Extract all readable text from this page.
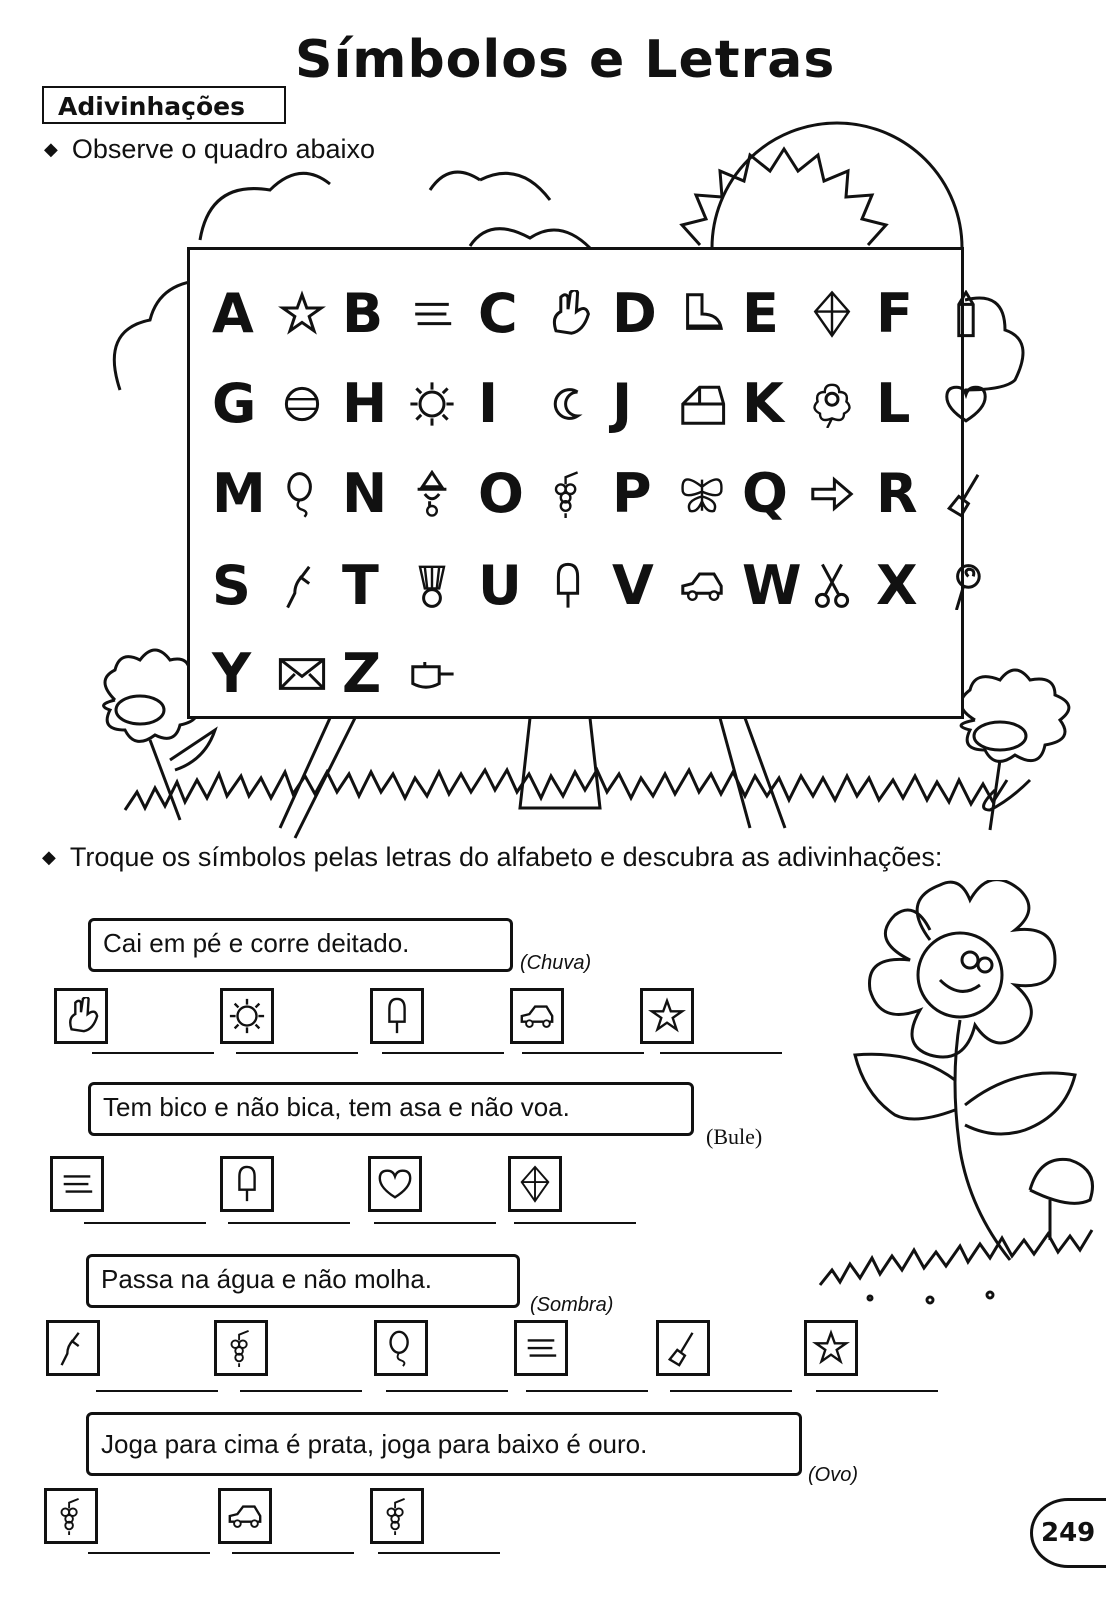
Símbolos e Letras
Adivinhações
◆ Observe o quadro abaixo
A B C D E F
G H I J K L
M N O P Q R
S T U V W X
Y Z
◆ Troque os símbolos pelas letras do alfabeto e descubra as adivinhações:
Cai em pé e corre deitado.
(Chuva)
Tem bico e não bica, tem asa e não voa.
(Bule)
Passa na água e não molha.
(Sombra)
Joga para cima é prata, joga para baixo é ouro.
(Ovo)
249
